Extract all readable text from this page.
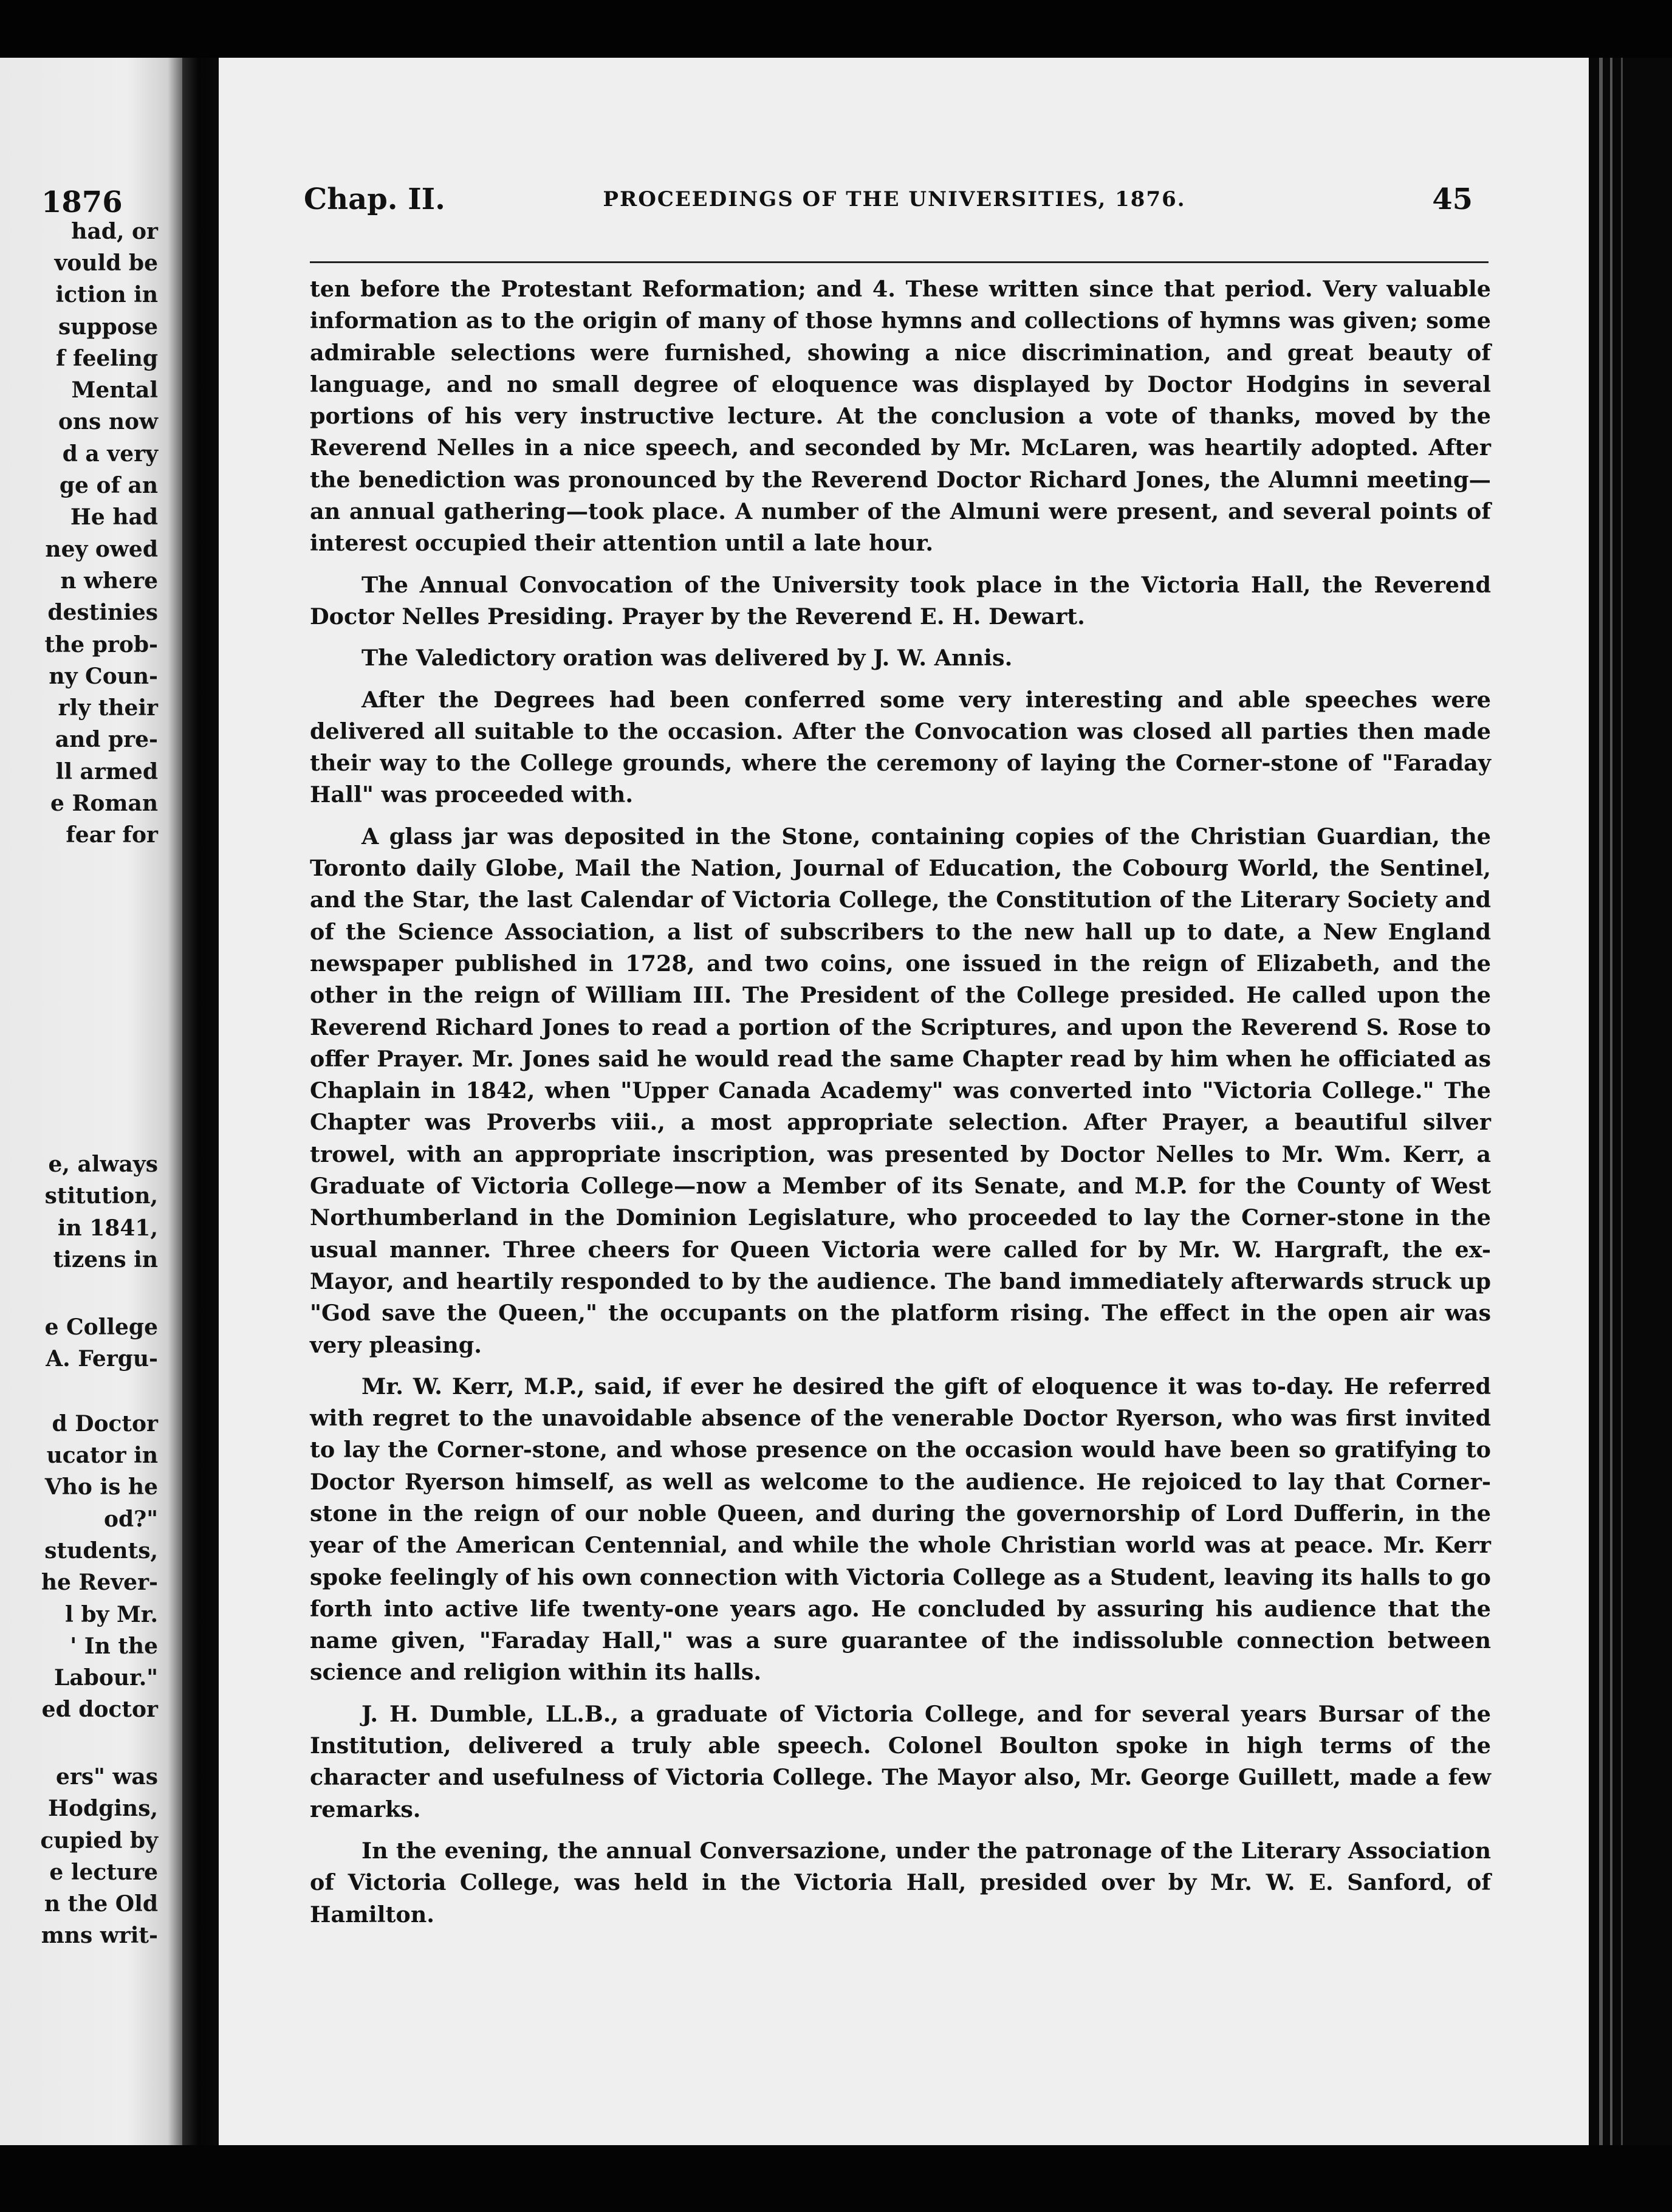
1876
had, or
vould be
iction in
suppose
f feeling
Mental
ons now
d a very
ge of an
He had
ney owed
n where
destinies
the prob-
ny Coun-
rly their
and pre-
ll armed
e Roman
fear for
e, always
stitution,
in 1841,
tizens in
e College
A. Fergu-
d Doctor
ucator in
Vho is he
od?"
students,
he Rever-
l by Mr.
' In the
Labour."
ed doctor
ers" was
Hodgins,
cupied by
e lecture
n the Old
mns writ-
Chap. II.	PROCEEDINGS OF THE UNIVERSITIES, 1876.	45

ten before the Protestant Reformation; and 4. These written since that period. Very valuable information as to the origin of many of those hymns and collections of hymns was given; some admirable selections were furnished, showing a nice discrimination, and great beauty of language, and no small degree of eloquence was displayed by Doctor Hodgins in several portions of his very instructive lecture. At the conclusion a vote of thanks, moved by the Reverend Nelles in a nice speech, and seconded by Mr. McLaren, was heartily adopted. After the benediction was pronounced by the Reverend Doctor Richard Jones, the Alumni meeting—an annual gathering—took place. A number of the Almuni were present, and several points of interest occupied their attention until a late hour.

The Annual Convocation of the University took place in the Victoria Hall, the Reverend Doctor Nelles Presiding. Prayer by the Reverend E. H. Dewart.

The Valedictory oration was delivered by J. W. Annis.

After the Degrees had been conferred some very interesting and able speeches were delivered all suitable to the occasion. After the Convocation was closed all parties then made their way to the College grounds, where the ceremony of laying the Corner-stone of "Faraday Hall" was proceeded with.

A glass jar was deposited in the Stone, containing copies of the Christian Guardian, the Toronto daily Globe, Mail the Nation, Journal of Education, the Cobourg World, the Sentinel, and the Star, the last Calendar of Victoria College, the Constitution of the Literary Society and of the Science Association, a list of subscribers to the new hall up to date, a New England newspaper published in 1728, and two coins, one issued in the reign of Elizabeth, and the other in the reign of William III. The President of the College presided. He called upon the Reverend Richard Jones to read a portion of the Scriptures, and upon the Reverend S. Rose to offer Prayer. Mr. Jones said he would read the same Chapter read by him when he officiated as Chaplain in 1842, when "Upper Canada Academy" was converted into "Victoria College." The Chapter was Proverbs viii., a most appropriate selection. After Prayer, a beautiful silver trowel, with an appropriate inscription, was presented by Doctor Nelles to Mr. Wm. Kerr, a Graduate of Victoria College—now a Member of its Senate, and M.P. for the County of West Northumberland in the Dominion Legislature, who proceeded to lay the Corner-stone in the usual manner. Three cheers for Queen Victoria were called for by Mr. W. Hargraft, the ex-Mayor, and heartily responded to by the audience. The band immediately afterwards struck up "God save the Queen," the occupants on the platform rising. The effect in the open air was very pleasing.

Mr. W. Kerr, M.P., said, if ever he desired the gift of eloquence it was to-day. He referred with regret to the unavoidable absence of the venerable Doctor Ryerson, who was first invited to lay the Corner-stone, and whose presence on the occasion would have been so gratifying to Doctor Ryerson himself, as well as welcome to the audience. He rejoiced to lay that Corner-stone in the reign of our noble Queen, and during the governorship of Lord Dufferin, in the year of the American Centennial, and while the whole Christian world was at peace. Mr. Kerr spoke feelingly of his own connection with Victoria College as a Student, leaving its halls to go forth into active life twenty-one years ago. He concluded by assuring his audience that the name given, "Faraday Hall," was a sure guarantee of the indissoluble connection between science and religion within its halls.

J. H. Dumble, LL.B., a graduate of Victoria College, and for several years Bursar of the Institution, delivered a truly able speech. Colonel Boulton spoke in high terms of the character and usefulness of Victoria College. The Mayor also, Mr. George Guillett, made a few remarks.

In the evening, the annual Conversazione, under the patronage of the Literary Association of Victoria College, was held in the Victoria Hall, presided over by Mr. W. E. Sanford, of Hamilton.
